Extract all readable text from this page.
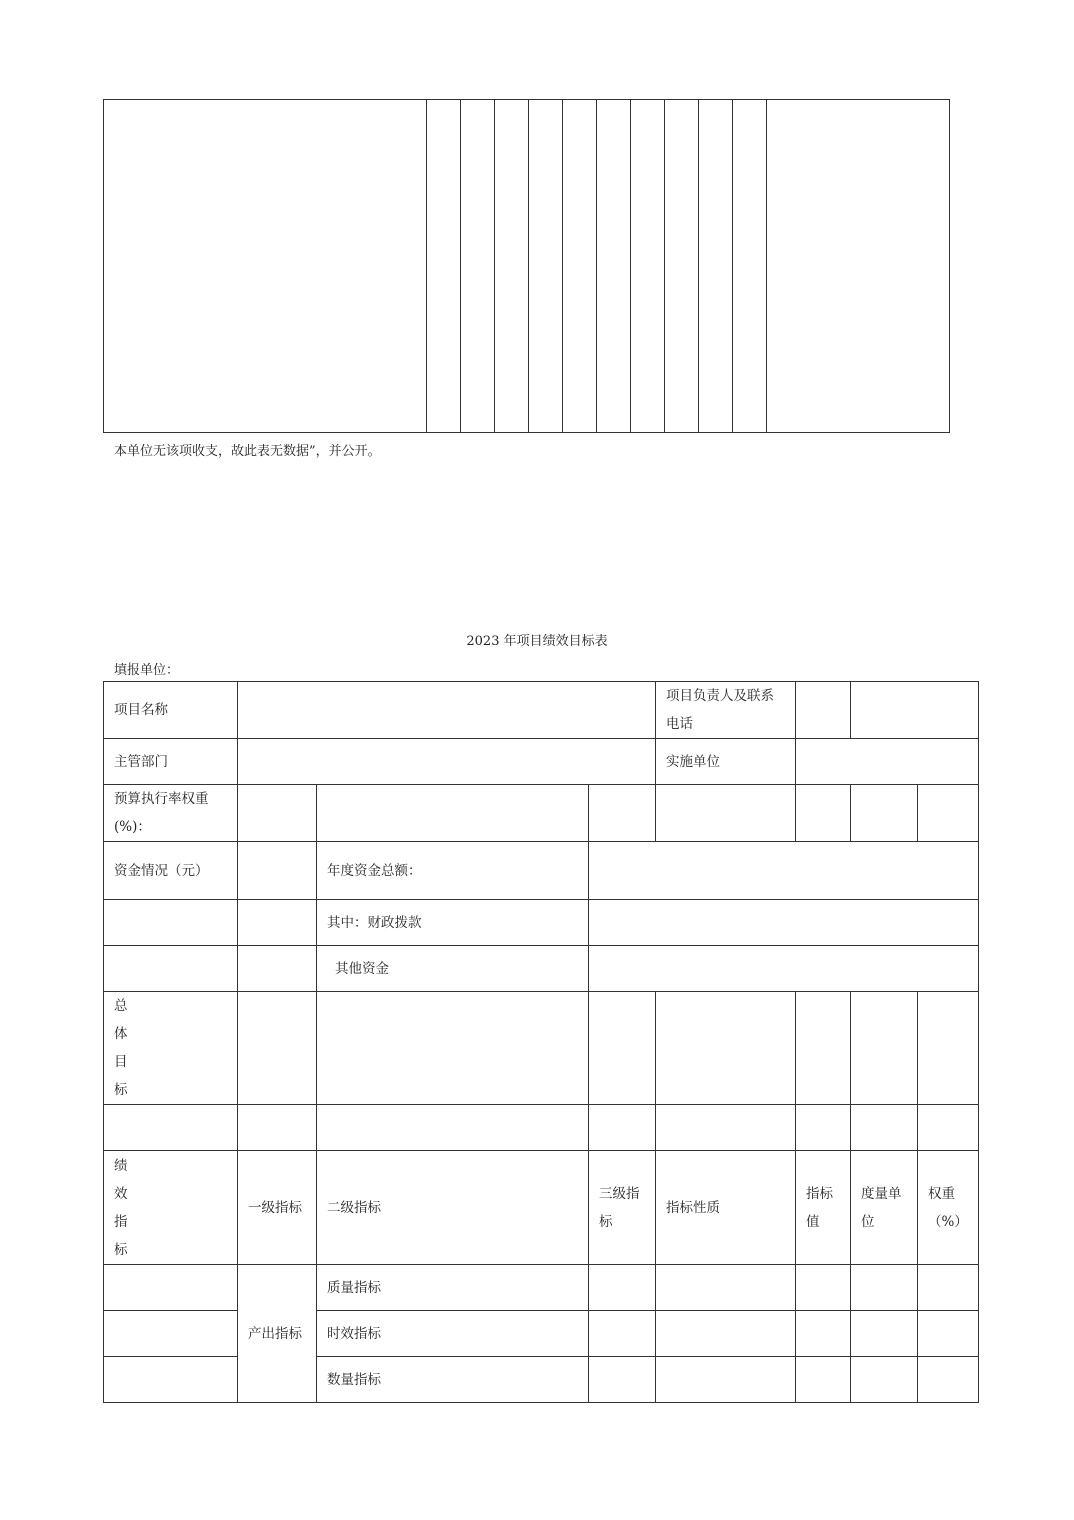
本单位无该项收支，故此表无数据”，并公开。
2023 年项目绩效目标表
填报单位：
项目名称				项目负责人及联系电话			
主管部门				实施单位			
预算执行率权重(%)：							
资金情况（元）		年度资金总额：					
		其中：财政拨款					
		其他资金					

总
体
目
标							

绩
效
指
标	一级指标	二级指标	三级指标	指标性质	指标值	度量单位	权重（%）
	产出指标	质量指标					
		时效指标					
		数量指标					
